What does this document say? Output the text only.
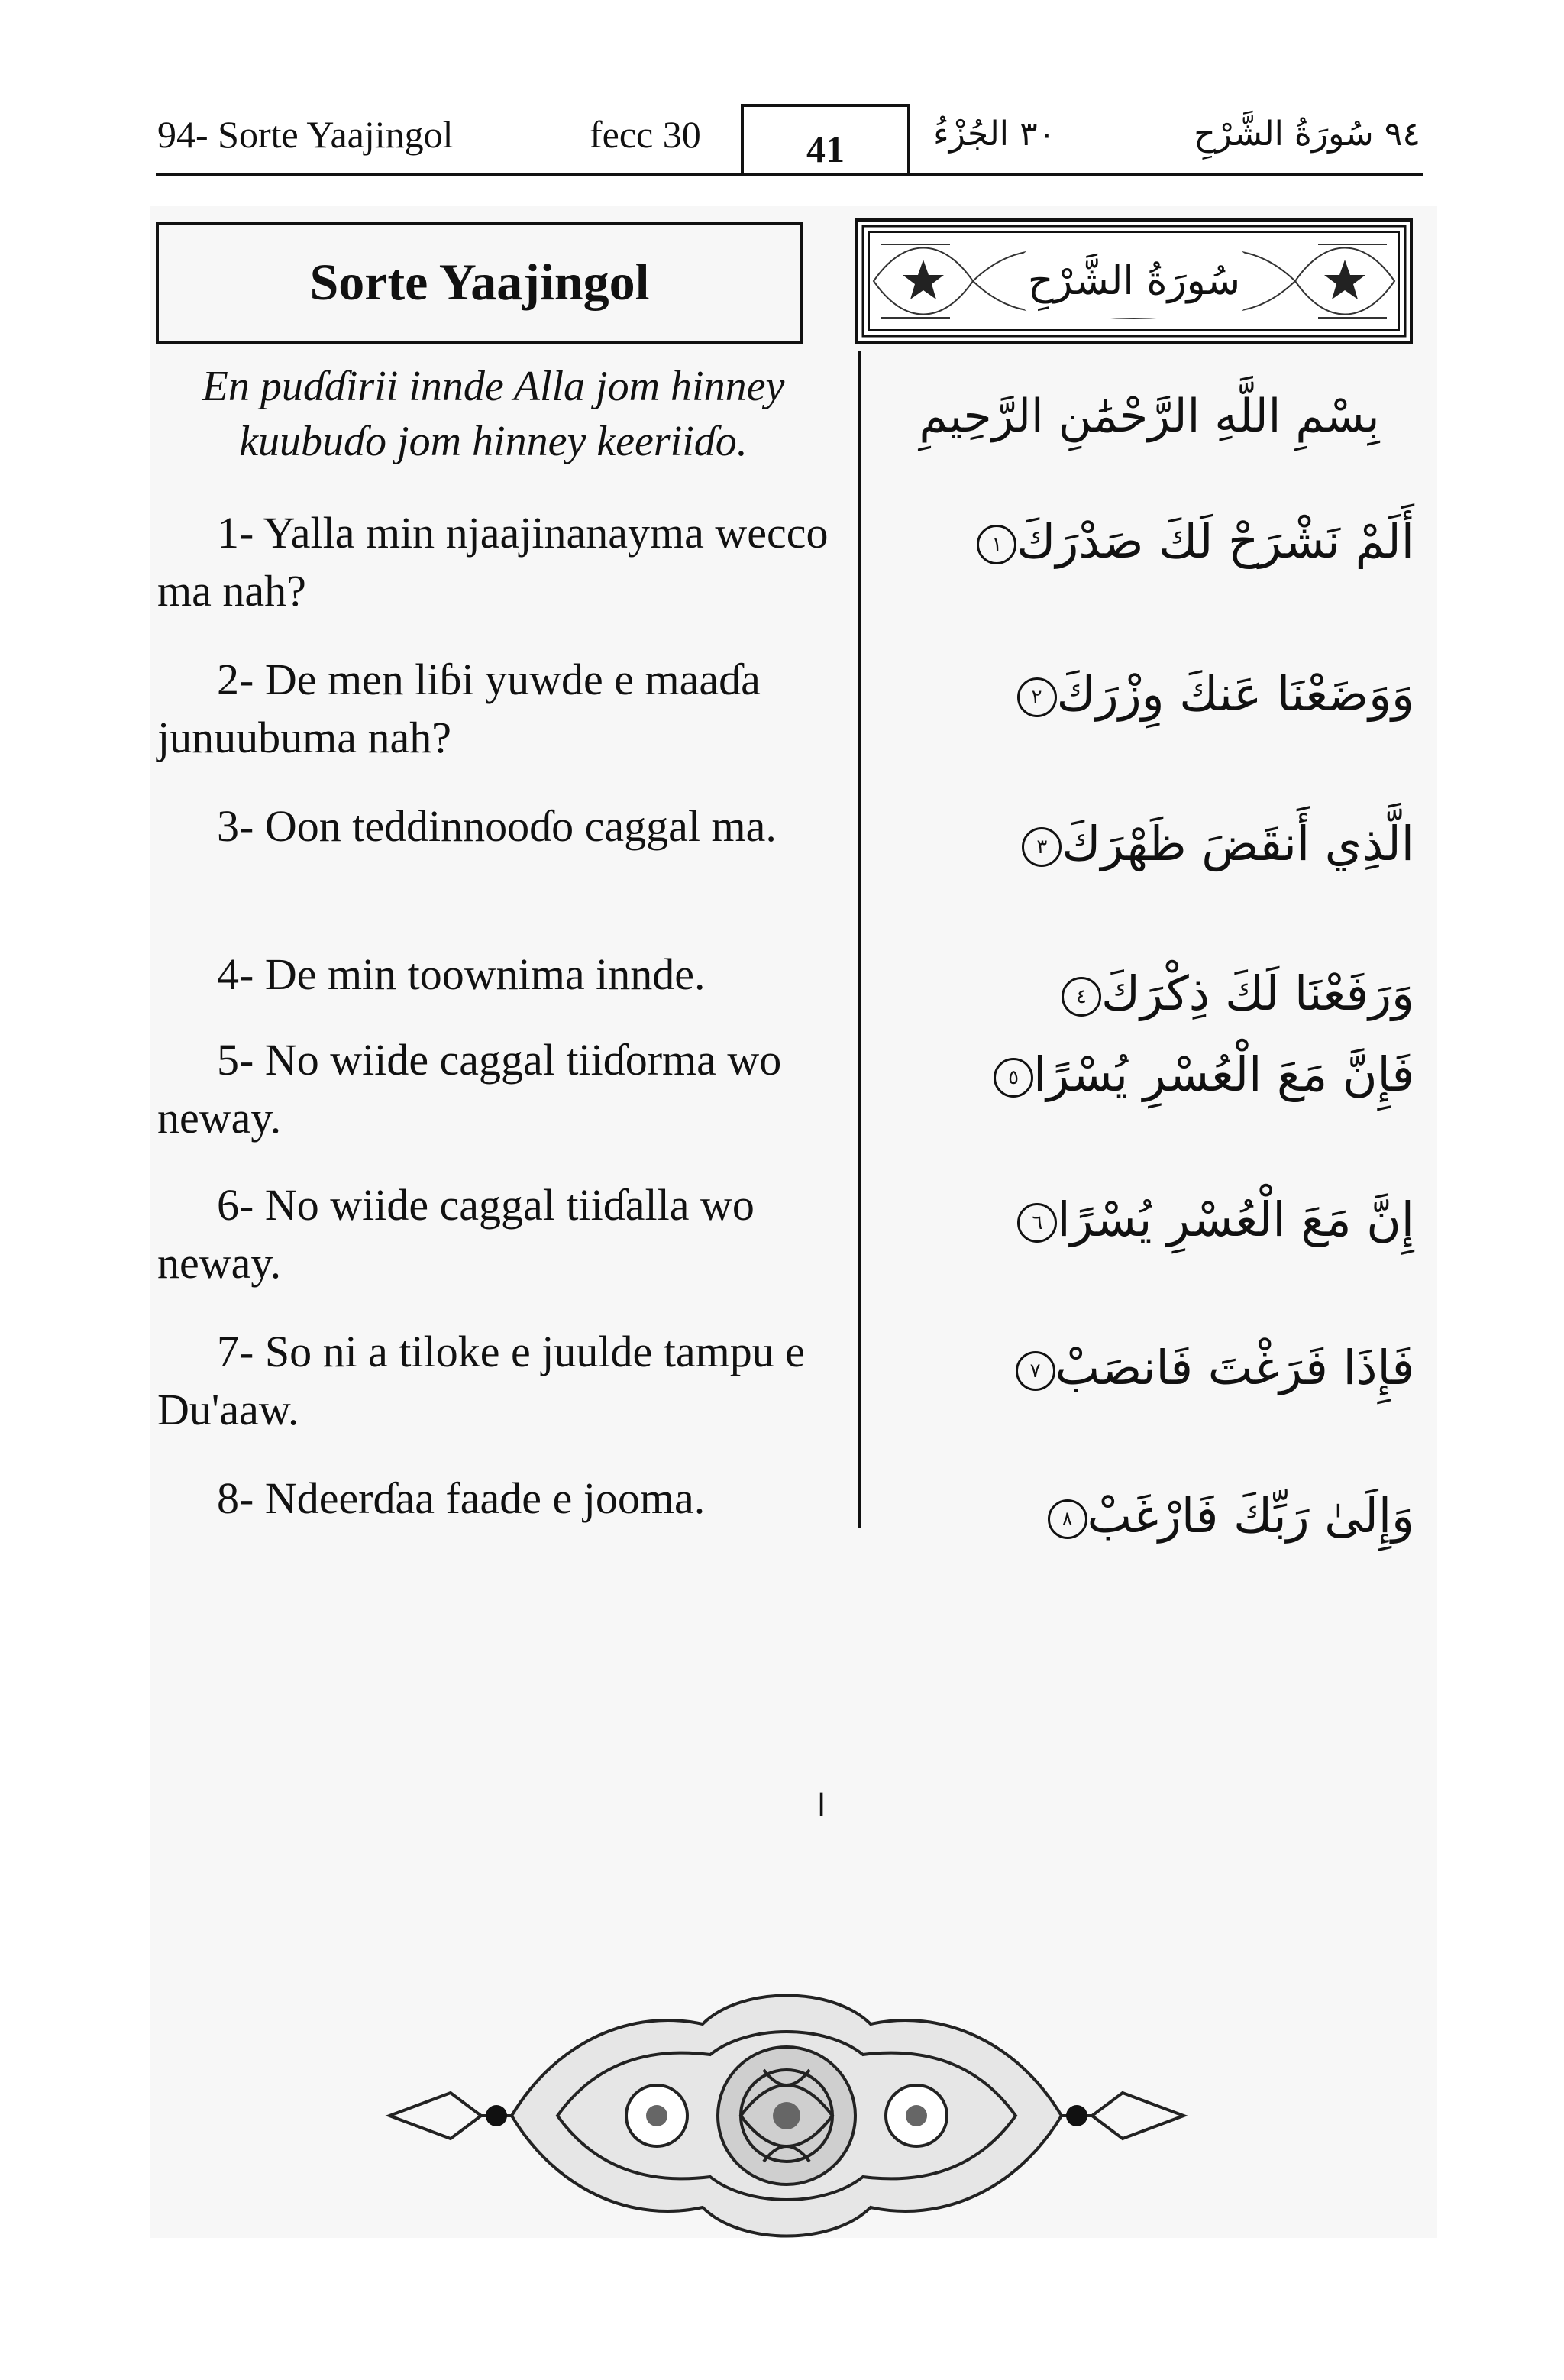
94- Sorte Yaajingol	fecc 30	41	٣٠ الجُزْءُ	٩٤ سُورَةُ الشَّرْحِ
Sorte Yaajingol	سُورَةُ الشَّرْحِ
En puɗɗirii innde Alla jom hinney kuubuɗo jom hinney keeriiɗo.
1- Yalla min njaajinanayma wecco ma nah?
2- De men liɓi yuwde e maaɗa junuubuma nah?
3- Oon teddinnooɗo caggal ma.
4- De min toownima innde.
5- No wiide caggal tiiɗorma wo neway.
6- No wiide caggal tiiɗalla wo neway.
7- So ni a tiloke e juulde tampu e Du'aaw.
8- Ndeerɗaa faade e jooma.
بِسْمِ اللَّهِ الرَّحْمَٰنِ الرَّحِيمِ
أَلَمْ نَشْرَحْ لَكَ صَدْرَكَ١
وَوَضَعْنَا عَنكَ وِزْرَكَ٢
الَّذِي أَنقَضَ ظَهْرَكَ٣
وَرَفَعْنَا لَكَ ذِكْرَكَ٤
فَإِنَّ مَعَ الْعُسْرِ يُسْرًا٥
إِنَّ مَعَ الْعُسْرِ يُسْرًا٦
فَإِذَا فَرَغْتَ فَانصَبْ٧
وَإِلَىٰ رَبِّكَ فَارْغَبْ٨
ا
